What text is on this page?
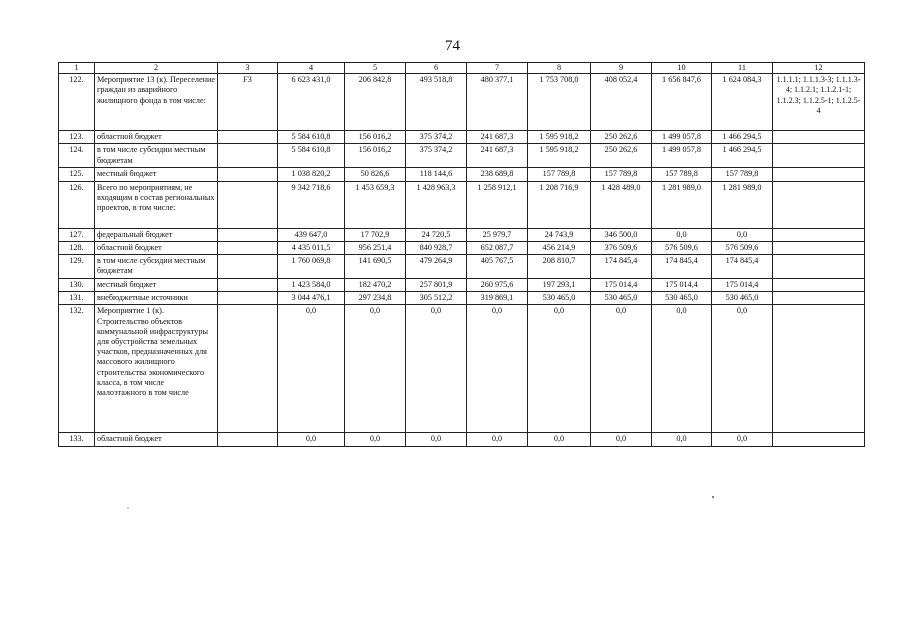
74
1	2	3	4	5	6	7	8	9	10	11	12
122.	Мероприятие 13 (к). Переселение граждан из аварийного жилищного фонда в том числе:	F3	6 623 431,0	206 842,8	493 518,8	480 377,1	1 753 708,0	408 052,4	1 656 847,6	1 624 084,3	1.1.1.1; 1.1.1.3-3; 1.1.1.3-4; 1.1.2.1; 1.1.2.1-1; 1.1.2.3; 1.1.2.5-1; 1.1.2.5-4
123.	областной бюджет		5 584 610,8	156 016,2	375 374,2	241 687,3	1 595 918,2	250 262,6	1 499 057,8	1 466 294,5	
124.	в том числе субсидии местным бюджетам		5 584 610,8	156 016,2	375 374,2	241 687,3	1 595 918,2	250 262,6	1 499 057,8	1 466 294,5	
125.	местный бюджет		1 038 820,2	50 826,6	118 144,6	238 689,8	157 789,8	157 789,8	157 789,8	157 789,8	
126.	Всего по мероприятиям, не входящим в состав региональных проектов, в том числе:		9 342 718,6	1 453 659,3	1 428 963,3	1 258 912,1	1 208 716,9	1 428 489,0	1 281 989,0	1 281 989,0	
127.	федеральный бюджет		439 647,0	17 702,9	24 720,5	25 979,7	24 743,9	346 500,0	0,0	0,0	
128.	областной бюджет		4 435 011,5	956 251,4	840 928,7	652 087,7	456 214,9	376 509,6	576 509,6	576 509,6	
129.	в том числе субсидии местным бюджетам		1 760 069,8	141 690,5	479 264,9	405 767,5	208 810,7	174 845,4	174 845,4	174 845,4	
130.	местный бюджет		1 423 584,0	182 470,2	257 801,9	260 975,6	197 293,1	175 014,4	175 014,4	175 014,4	
131.	внебюджетные источники		3 044 476,1	297 234,8	305 512,2	319 869,1	530 465,0	530 465,0	530 465,0	530 465,0	
132.	Мероприятие 1 (к). Строительство объектов коммунальной инфраструктуры для обустройства земельных участков, предназначенных для массового жилищного строительства экономического класса, в том числе малоэтажного в том числе		0,0	0,0	0,0	0,0	0,0	0,0	0,0	0,0	
133.	областной бюджет		0,0	0,0	0,0	0,0	0,0	0,0	0,0	0,0	
